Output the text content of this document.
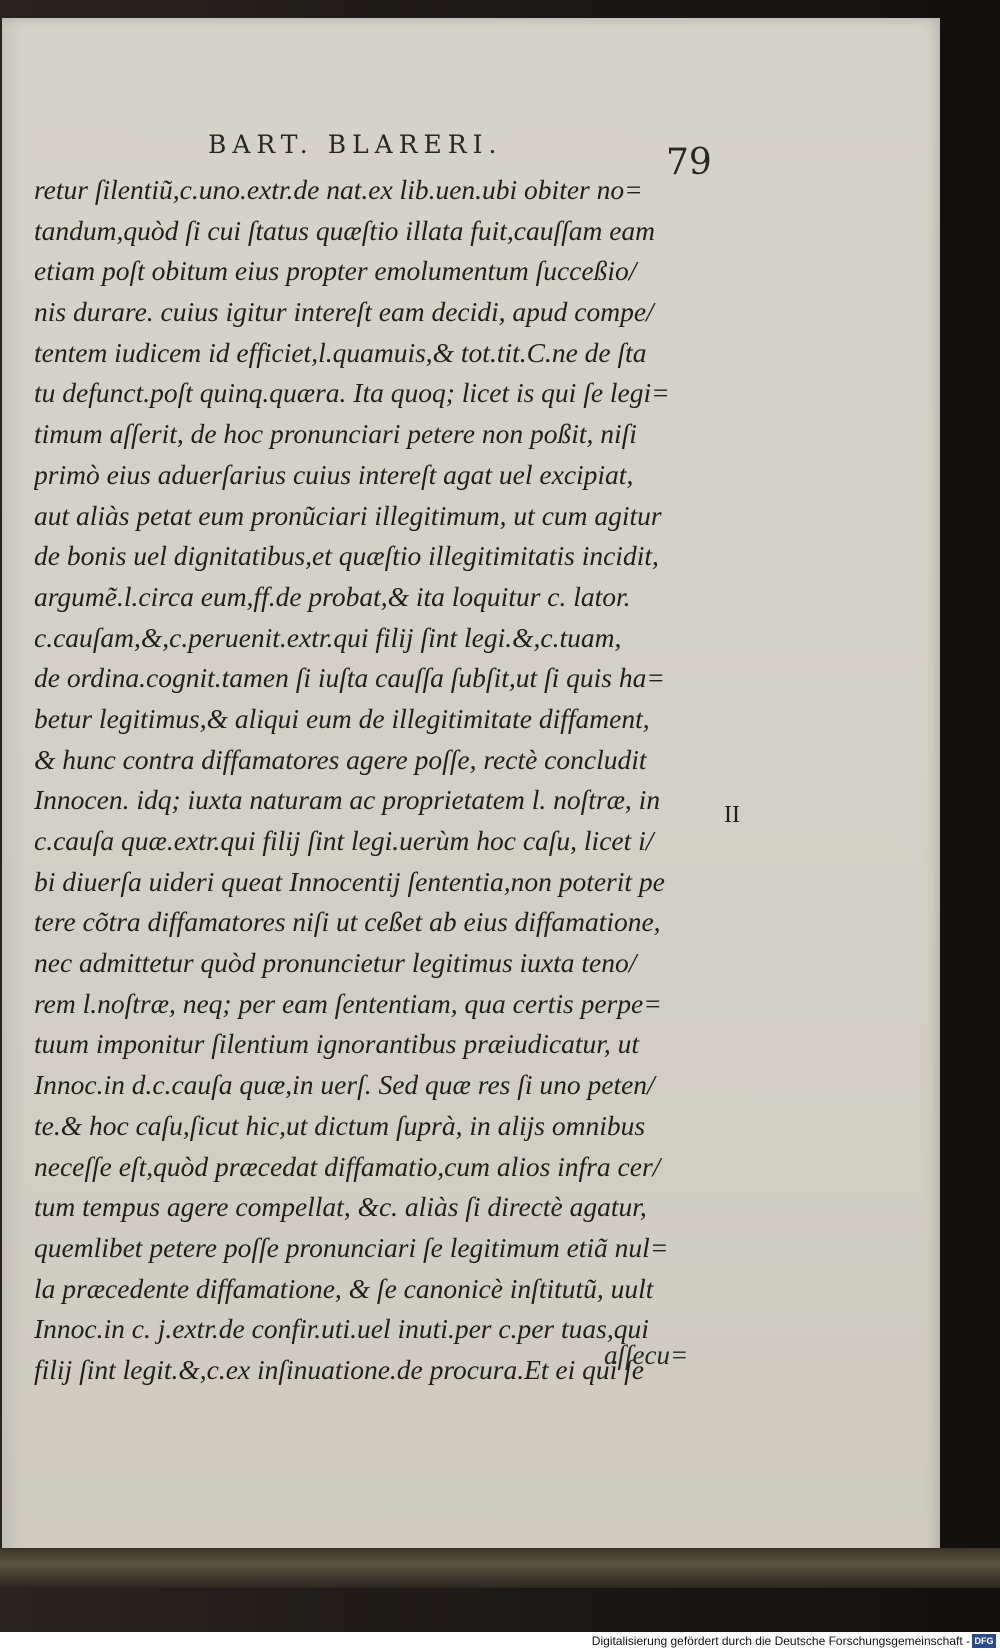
BART. BLARERI.	79
retur ſilentiũ,c.uno.extr.de nat.ex lib.uen.ubi obiter no=
tandum,quòd ſi cui ſtatus quæſtio illata fuit,cauſſam eam
etiam poſt obitum eius propter emolumentum ſucceßio/
nis durare. cuius igitur intereſt eam decidi, apud compe/
tentem iudicem id efficiet,l.quamuis,& tot.tit.C.ne de ſta
tu defunct.poſt quinq.quæra. Ita quoq; licet is qui ſe legi=
timum aſſerit, de hoc pronunciari petere non poßit, niſi
primò eius aduerſarius cuius intereſt agat uel excipiat,
aut aliàs petat eum pronũciari illegitimum, ut cum agitur
de bonis uel dignitatibus,et quæſtio illegitimitatis incidit,
argumẽ.l.circa eum,ff.de probat,& ita loquitur c. lator.
c.cauſam,&,c.peruenit.extr.qui filij ſint legi.&,c.tuam,
de ordina.cognit.tamen ſi iuſta cauſſa ſubſit,ut ſi quis ha=
betur legitimus,& aliqui eum de illegitimitate diffament,
& hunc contra diffamatores agere poſſe, rectè concludit
Innocen. idq; iuxta naturam ac proprietatem l. noſtræ, in
c.cauſa quæ.extr.qui filij ſint legi.uerùm hoc caſu, licet i/
bi diuerſa uideri queat Innocentij ſententia,non poterit pe
tere cõtra diffamatores niſi ut ceßet ab eius diffamatione,
nec admittetur quòd pronuncietur legitimus iuxta teno/
rem l.noſtræ, neq; per eam ſententiam, qua certis perpe=
tuum imponitur ſilentium ignorantibus præiudicatur, ut
Innoc.in d.c.cauſa quæ,in uerſ. Sed quæ res ſi uno peten/
te.& hoc caſu,ſicut hic,ut dictum ſuprà, in alijs omnibus
neceſſe eſt,quòd præcedat diffamatio,cum alios infra cer/
tum tempus agere compellat, &c. aliàs ſi directè agatur,
quemlibet petere poſſe pronunciari ſe legitimum etiã nul=
la præcedente diffamatione, & ſe canonicè inſtitutũ, uult
Innoc.in c. j.extr.de confir.uti.uel inuti.per c.per tuas,qui
filij ſint legit.&,c.ex inſinuatione.de procura.Et ei qui ſe
II
aſſecu=
Digitalisierung gefördert durch die Deutsche Forschungsgemeinschaft - DFG
